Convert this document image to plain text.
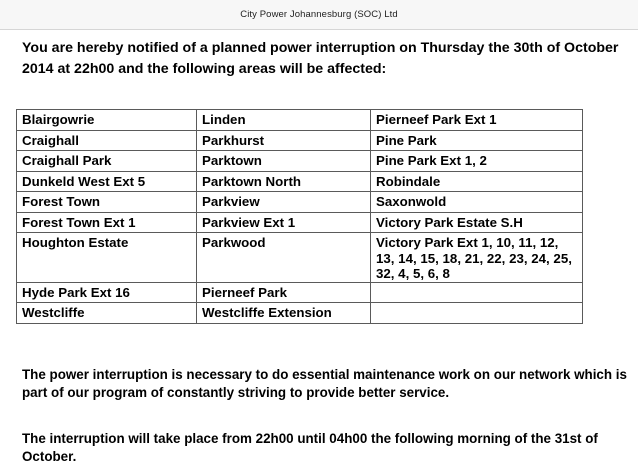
City Power Johannesburg (SOC) Ltd
You are hereby notified of a planned power interruption on Thursday the 30th of October 2014 at 22h00 and the following areas will be affected:
Blairgowrie	Linden	Pierneef Park Ext 1

Craighall	Parkhurst	Pine Park

Craighall Park	Parktown	Pine Park Ext 1, 2

Dunkeld West Ext 5	Parktown North	Robindale

Forest Town	Parkview	Saxonwold

Forest Town Ext 1	Parkview Ext 1	Victory Park Estate S.H

Houghton Estate	Parkwood	Victory Park Ext 1, 10, 11, 12, 13, 14, 15, 18, 21, 22, 23, 24, 25, 32, 4, 5, 6, 8

Hyde Park Ext 16	Pierneef Park	

Westcliffe	Westcliffe Extension	

The power interruption is necessary to do essential maintenance work on our network which is part of our program of constantly striving to provide better service.
The interruption will take place from 22h00 until 04h00 the following morning of the 31st of October.
